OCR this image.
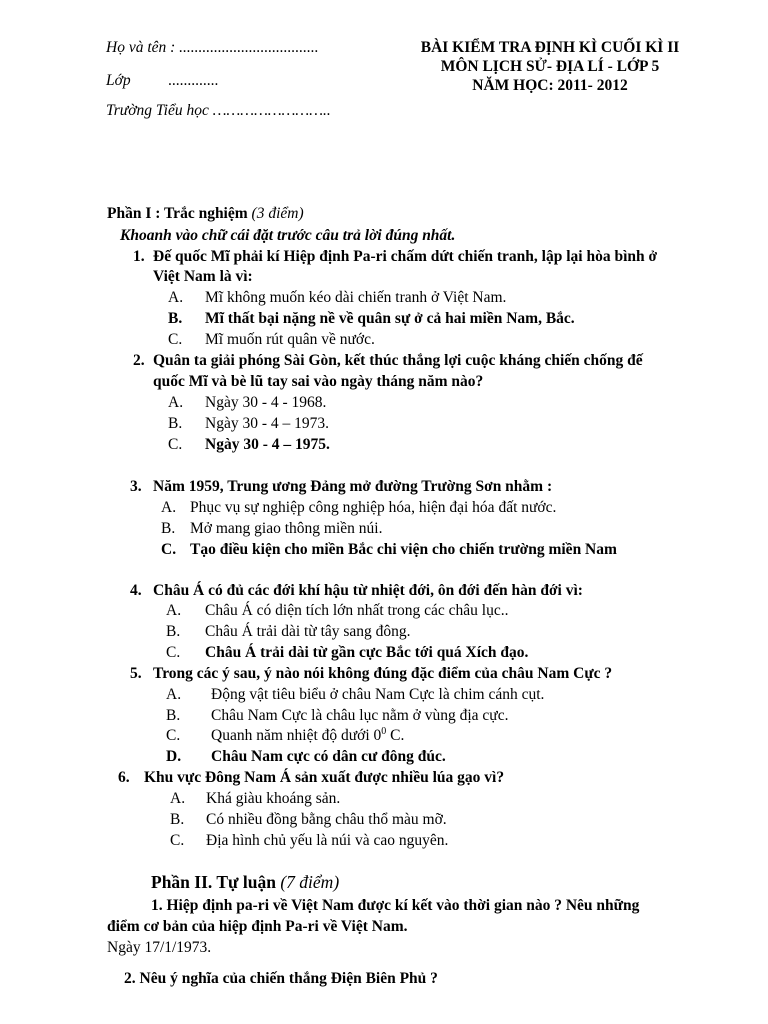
Họ và tên : ....................................
Lớp .............
Trường Tiểu học ……………………..
BÀI KIỂM TRA ĐỊNH KÌ CUỐI KÌ II
MÔN LỊCH SỬ- ĐỊA LÍ - LỚP 5
NĂM HỌC: 2011- 2012
Phần I : Trắc nghiệm (3 điểm)
Khoanh vào chữ cái đặt trước câu trả lời đúng nhất.
1. Đế quốc Mĩ phải kí Hiệp định Pa-ri chấm dứt chiến tranh, lập lại hòa bình ở
Việt Nam là vì:
A. Mĩ không muốn kéo dài chiến tranh ở Việt Nam.
B. Mĩ thất bại nặng nề về quân sự ở cả hai miền Nam, Bắc.
C. Mĩ muốn rút quân về nước.
2. Quân ta giải phóng Sài Gòn, kết thúc thắng lợi cuộc kháng chiến chống đế
quốc Mĩ và bè lũ tay sai vào ngày tháng năm nào?
A. Ngày 30 - 4 - 1968.
B. Ngày 30 - 4 – 1973.
C. Ngày 30 - 4 – 1975.
3. Năm 1959, Trung ương Đảng mở đường Trường Sơn nhằm :
A. Phục vụ sự nghiệp công nghiệp hóa, hiện đại hóa đất nước.
B. Mở mang giao thông miền núi.
C. Tạo điều kiện cho miền Bắc chi viện cho chiến trường miền Nam
4. Châu Á có đủ các đới khí hậu từ nhiệt đới, ôn đới đến hàn đới vì:
A. Châu Á có diện tích lớn nhất trong các châu lục..
B. Châu Á trải dài từ tây sang đông.
C. Châu Á trải dài từ gần cực Bắc tới quá Xích đạo.
5. Trong các ý sau, ý nào nói không đúng đặc điểm của châu Nam Cực ?
A. Động vật tiêu biểu ở châu Nam Cực là chim cánh cụt.
B. Châu Nam Cực là châu lục nằm ở vùng địa cực.
C. Quanh năm nhiệt độ dưới $0^0$ C.
D. Châu Nam cực có dân cư đông đúc.
6. Khu vực Đông Nam Á sản xuất được nhiều lúa gạo vì?
A. Khá giàu khoáng sản.
B. Có nhiều đồng bằng châu thổ màu mỡ.
C. Địa hình chủ yếu là núi và cao nguyên.
Phần II. Tự luận (7 điểm)
1. Hiệp định pa-ri về Việt Nam được kí kết vào thời gian nào ? Nêu những
điểm cơ bản của hiệp định Pa-ri về Việt Nam.
Ngày 17/1/1973.
2. Nêu ý nghĩa của chiến thắng Điện Biên Phủ ?
